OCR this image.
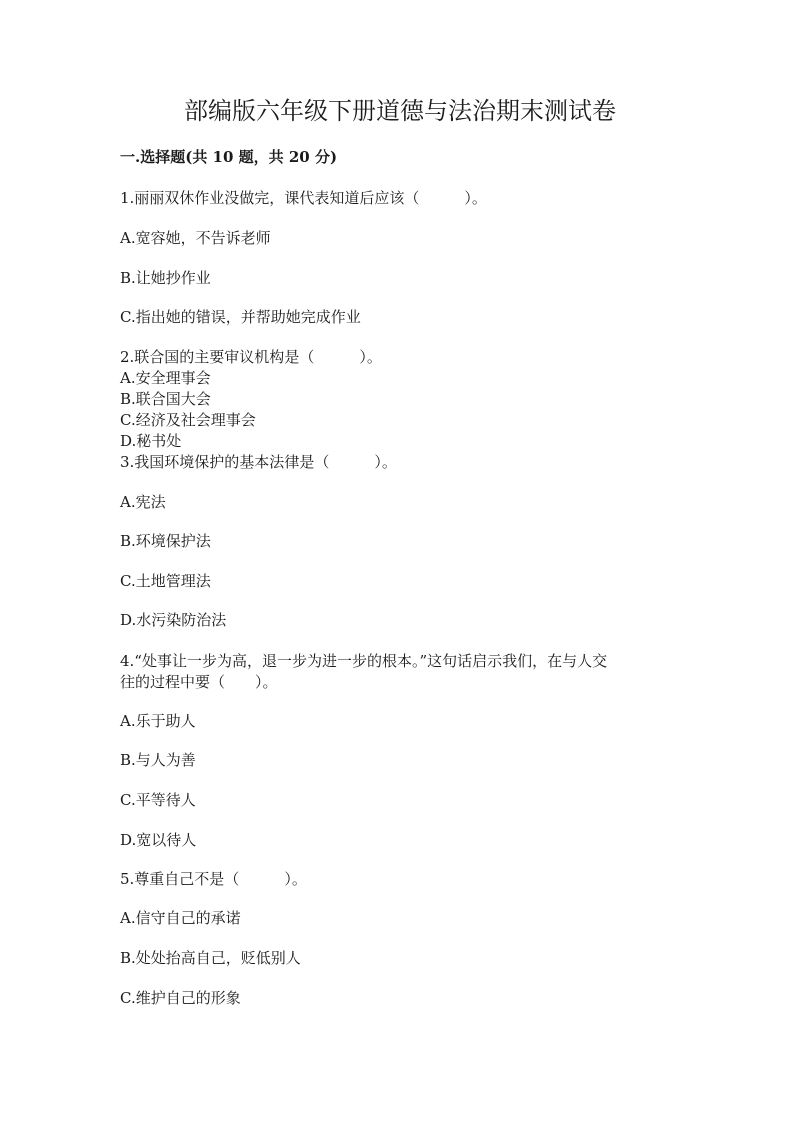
部编版六年级下册道德与法治期末测试卷
一.选择题(共 10 题，共 20 分)
1.丽丽双休作业没做完，课代表知道后应该（　　　）。
A.宽容她，不告诉老师
B.让她抄作业
C.指出她的错误，并帮助她完成作业
2.联合国的主要审议机构是（　　　）。
A.安全理事会
B.联合国大会
C.经济及社会理事会
D.秘书处
3.我国环境保护的基本法律是（　　　）。
A.宪法
B.环境保护法
C.土地管理法
D.水污染防治法
4.“处事让一步为高，退一步为进一步的根本。”这句话启示我们，在与人交
往的过程中要（　　）。
A.乐于助人
B.与人为善
C.平等待人
D.宽以待人
5.尊重自己不是（　　　）。
A.信守自己的承诺
B.处处抬高自己，贬低别人
C.维护自己的形象
